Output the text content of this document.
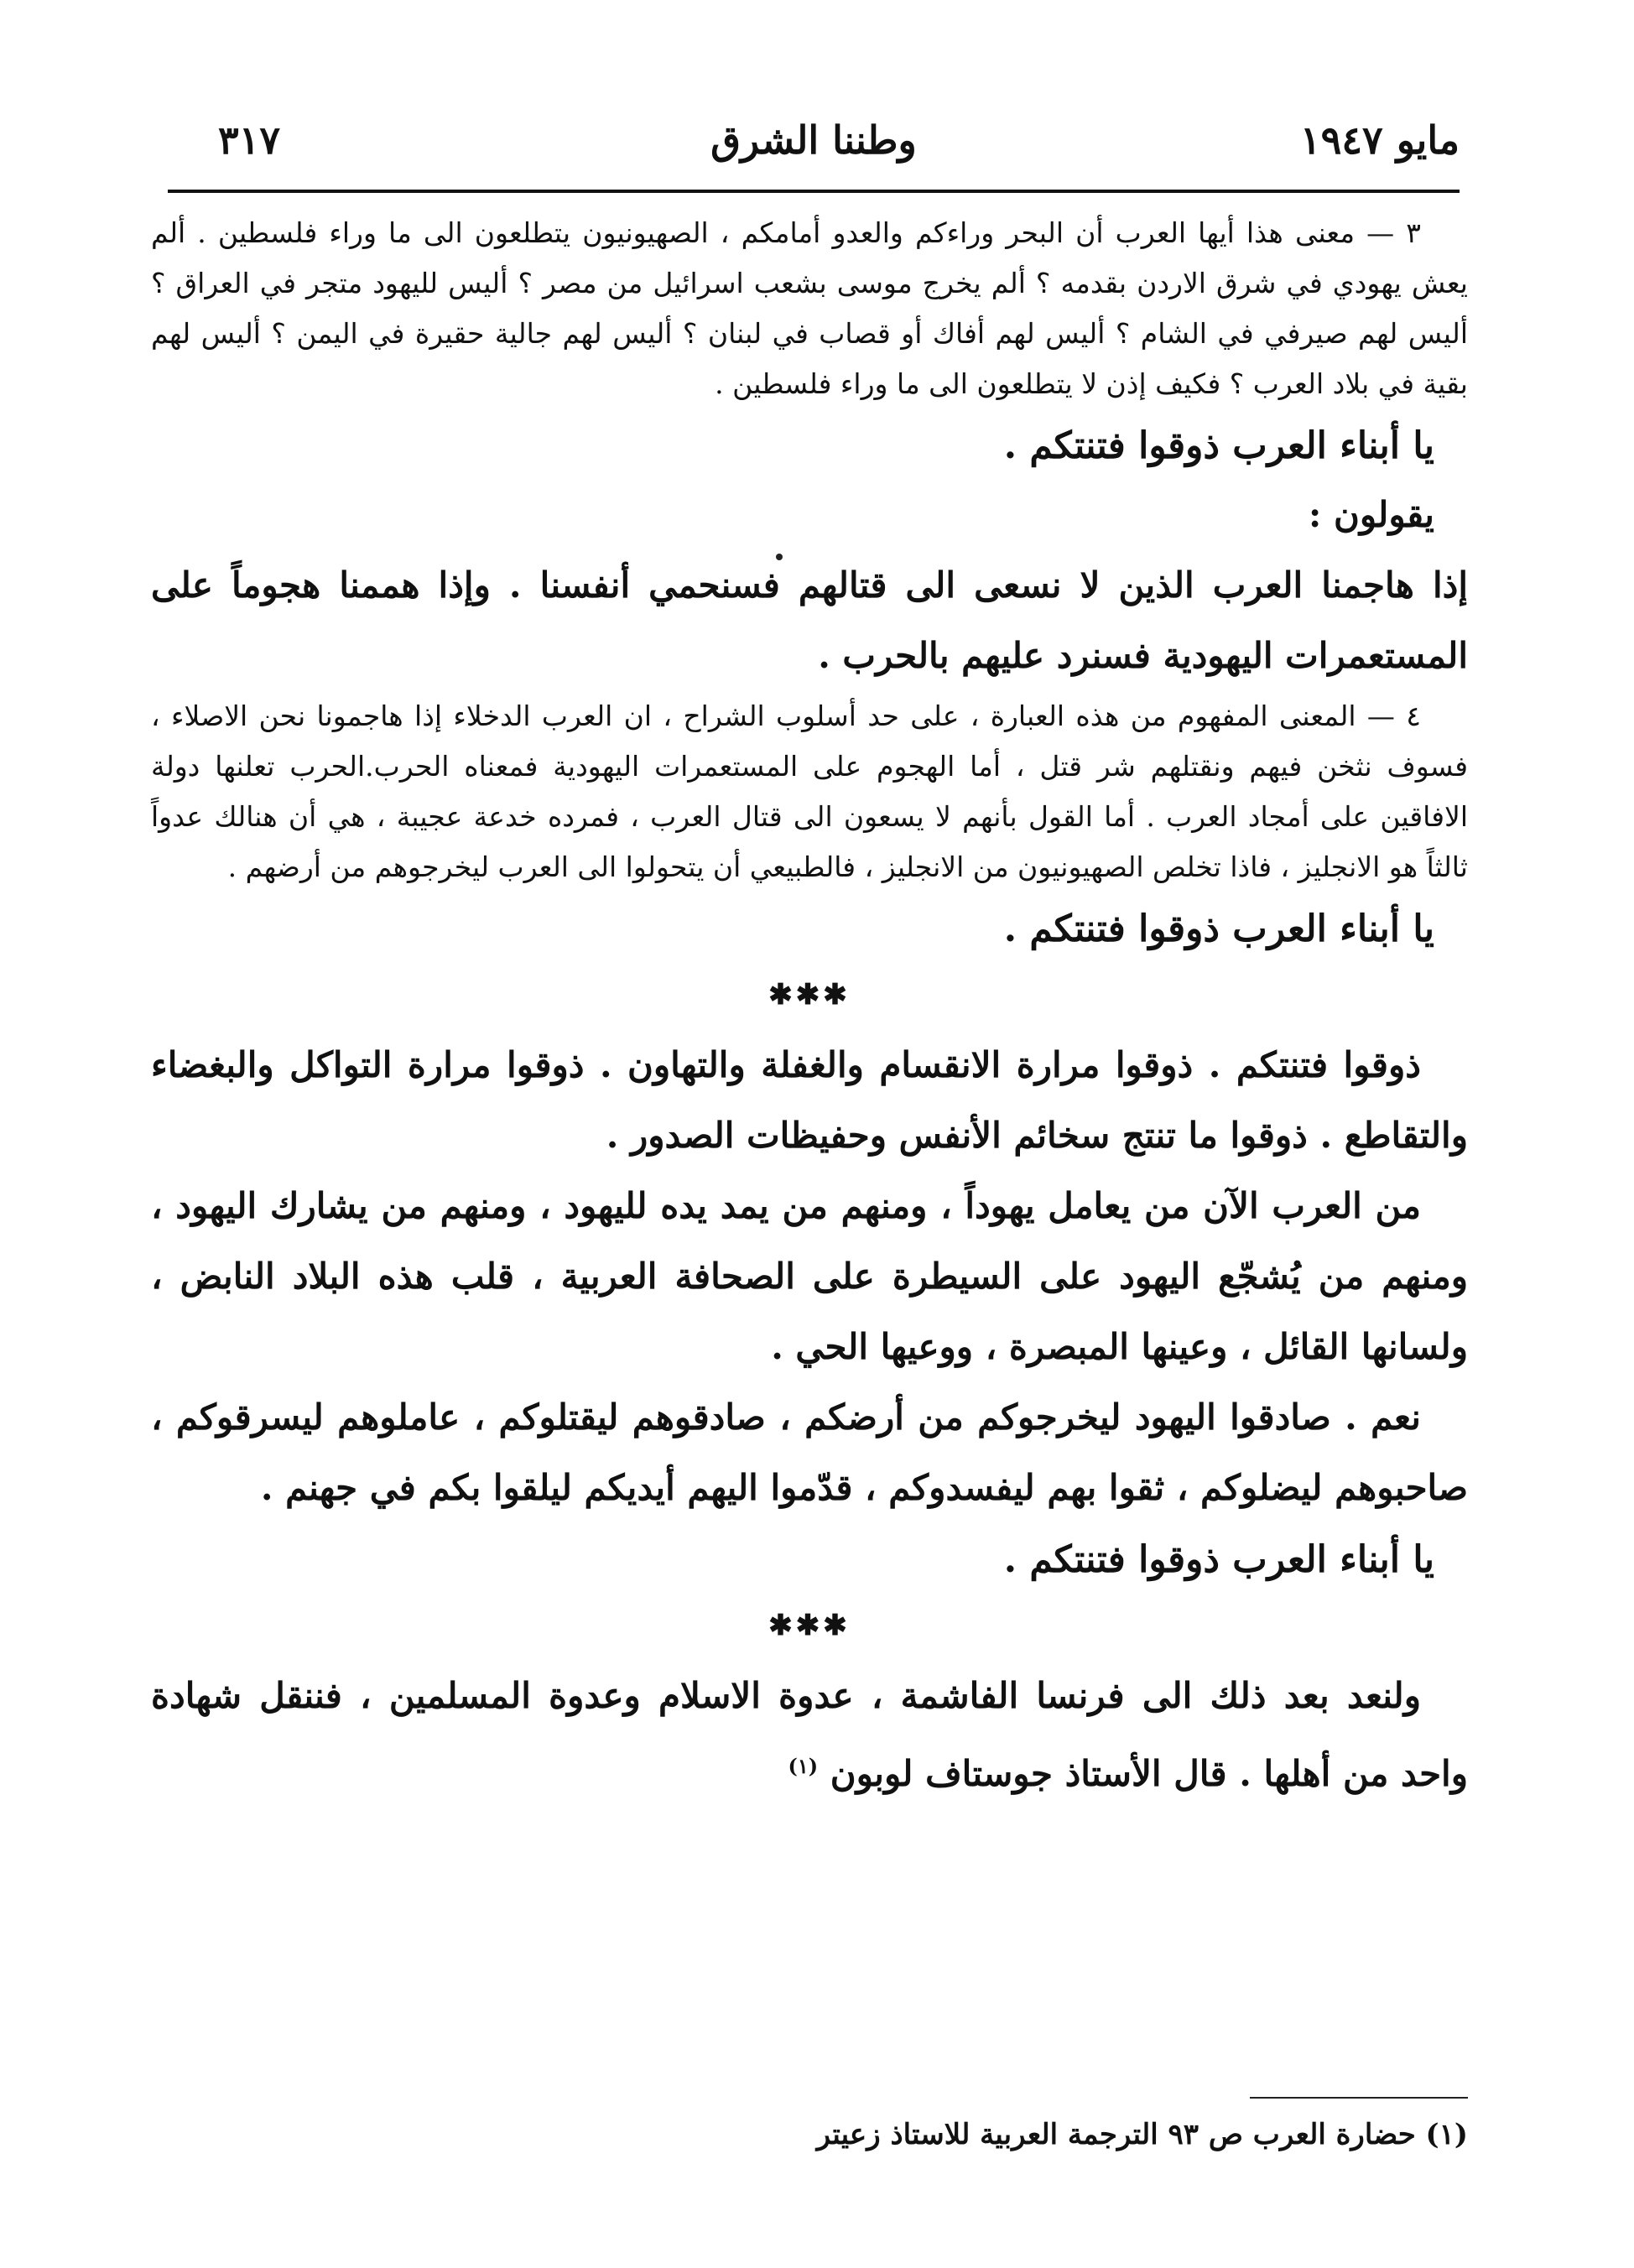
مايو ١٩٤٧
وطننا الشرق
٣١٧

٣ — معنى هذا أيها العرب أن البحر وراءكم والعدو أمامكم ، الصهيونيون يتطلعون الى ما وراء فلسطين . ألم يعش يهودي في شرق الاردن بقدمه ؟ ألم يخرج موسى بشعب اسرائيل من مصر ؟ أليس لليهود متجر في العراق ؟ أليس لهم صيرفي في الشام ؟ أليس لهم أفاك أو قصاب في لبنان ؟ أليس لهم جالية حقيرة في اليمن ؟ أليس لهم بقية في بلاد العرب ؟ فكيف إذن لا يتطلعون الى ما وراء فلسطين .

يا أبناء العرب ذوقوا فتنتكم .

يقولون :

إذا هاجمنا العرب الذين لا نسعى الى قتالهم فسنحمي أنفسنا . وإذا هممنا هجوماً على المستعمرات اليهودية فسنرد عليهم بالحرب .

٤ — المعنى المفهوم من هذه العبارة ، على حد أسلوب الشراح ، ان العرب الدخلاء إذا هاجمونا نحن الاصلاء ، فسوف نثخن فيهم ونقتلهم شر قتل ، أما الهجوم على المستعمرات اليهودية فمعناه الحرب.الحرب تعلنها دولة الافاقين على أمجاد العرب . أما القول بأنهم لا يسعون الى قتال العرب ، فمرده خدعة عجيبة ، هي أن هنالك عدواً ثالثاً هو الانجليز ، فاذا تخلص الصهيونيون من الانجليز ، فالطبيعي أن يتحولوا الى العرب ليخرجوهم من أرضهم .

يا أبناء العرب ذوقوا فتنتكم .

✱✱✱

ذوقوا فتنتكم . ذوقوا مرارة الانقسام والغفلة والتهاون . ذوقوا مرارة التواكل والبغضاء والتقاطع . ذوقوا ما تنتج سخائم الأنفس وحفيظات الصدور .

من العرب الآن من يعامل يهوداً ، ومنهم من يمد يده لليهود ، ومنهم من يشارك اليهود ، ومنهم من يُشجّع اليهود على السيطرة على الصحافة العربية ، قلب هذه البلاد النابض ، ولسانها القائل ، وعينها المبصرة ، ووعيها الحي .

نعم . صادقوا اليهود ليخرجوكم من أرضكم ، صادقوهم ليقتلوكم ، عاملوهم ليسرقوكم ، صاحبوهم ليضلوكم ، ثقوا بهم ليفسدوكم ، قدّموا اليهم أيديكم ليلقوا بكم في جهنم .

يا أبناء العرب ذوقوا فتنتكم .

✱✱✱

ولنعد بعد ذلك الى فرنسا الفاشمة ، عدوة الاسلام وعدوة المسلمين ، فننقل شهادة واحد من أهلها . قال الأستاذ جوستاف لوبون $^{(١)}$

(١) حضارة العرب ص ٩٣ الترجمة العربية للاستاذ زعيتر
